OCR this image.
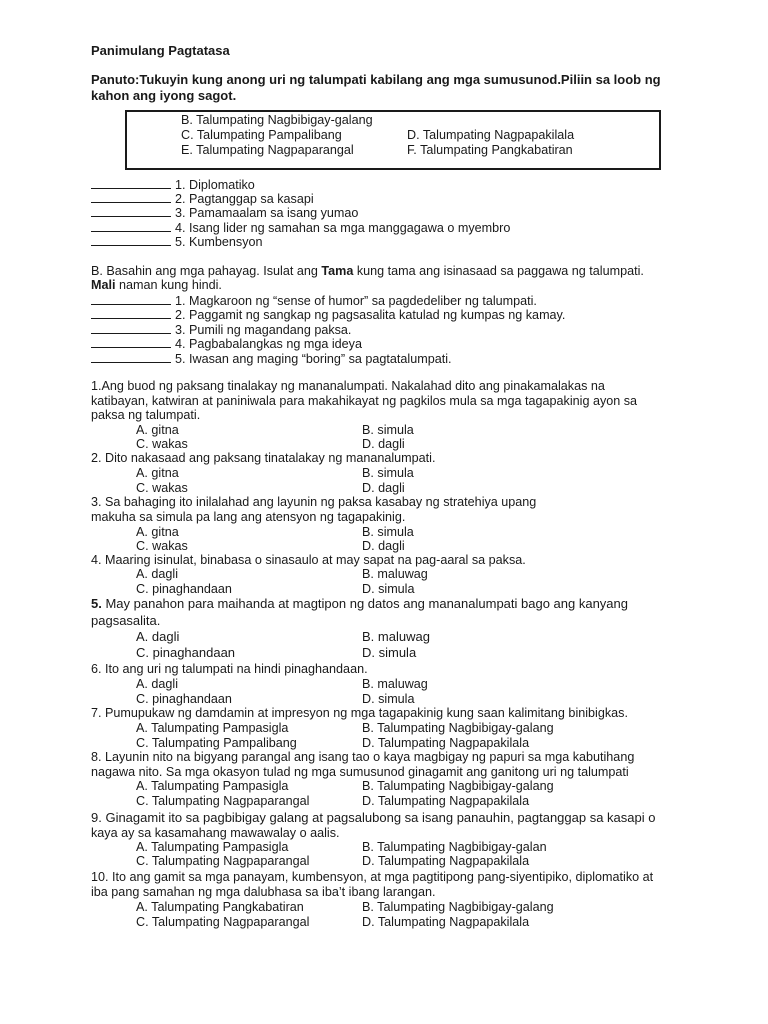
Panimulang Pagtatasa
Panuto:Tukuyin kung anong uri ng talumpati kabilang ang mga sumusunod.Piliin sa loob ng
kahon ang iyong sagot.
B. Talumpating Nagbibigay-galang
C. Talumpating Pampalibang	D. Talumpating Nagpapakilala
E. Talumpating Nagpaparangal	F. Talumpating Pangkabatiran
1. Diplomatiko
2. Pagtanggap sa kasapi
3. Pamamaalam sa isang yumao
4. Isang lider ng samahan sa mga manggagawa o myembro
5. Kumbensyon
B. Basahin ang mga pahayag. Isulat ang Tama kung tama ang isinasaad sa paggawa ng talumpati.
Mali naman kung hindi.
1. Magkaroon ng “sense of humor” sa pagdedeliber ng talumpati.
2. Paggamit ng sangkap ng pagsasalita katulad ng kumpas ng kamay.
3. Pumili ng magandang paksa.
4. Pagbabalangkas ng mga ideya
5. Iwasan ang maging “boring” sa pagtatalumpati.
1.Ang buod ng paksang tinalakay ng mananalumpati. Nakalahad dito ang pinakamalakas na
katibayan, katwiran at paniniwala para makahikayat ng pagkilos mula sa mga tagapakinig ayon sa
paksa ng talumpati.
A. gitna	B. simula
C. wakas	D. dagli
2. Dito nakasaad ang paksang tinatalakay ng mananalumpati.
A. gitna	B. simula
C. wakas	D. dagli
3. Sa bahaging ito inilalahad ang layunin ng paksa kasabay ng stratehiya upang
makuha sa simula pa lang ang atensyon ng tagapakinig.
A. gitna	B. simula
C. wakas	D. dagli
4. Maaring isinulat, binabasa o sinasaulo at may sapat na pag-aaral sa paksa.
A. dagli	B. maluwag
C. pinaghandaan	D. simula
5. May panahon para maihanda at magtipon ng datos ang mananalumpati bago ang kanyang
pagsasalita.
A. dagli	B. maluwag
C. pinaghandaan	D. simula
6. Ito ang uri ng talumpati na hindi pinaghandaan.
A. dagli	B. maluwag
C. pinaghandaan	D. simula
7. Pumupukaw ng damdamin at impresyon ng mga tagapakinig kung saan kalimitang binibigkas.
A. Talumpating Pampasigla	B. Talumpating Nagbibigay-galang
C. Talumpating Pampalibang	D. Talumpating Nagpapakilala
8. Layunin nito na bigyang parangal ang isang tao o kaya magbigay ng papuri sa mga kabutihang
nagawa nito. Sa mga okasyon tulad ng mga sumusunod ginagamit ang ganitong uri ng talumpati
A. Talumpating Pampasigla	B. Talumpating Nagbibigay-galang
C. Talumpating Nagpaparangal	D. Talumpating Nagpapakilala
9. Ginagamit ito sa pagbibigay galang at pagsalubong sa isang panauhin, pagtanggap sa kasapi o
kaya ay sa kasamahang mawawalay o aalis.
A. Talumpating Pampasigla	B. Talumpating Nagbibigay-galan
C. Talumpating Nagpaparangal	D. Talumpating Nagpapakilala
10. Ito ang gamit sa mga panayam, kumbensyon, at mga pagtitipong pang-siyentipiko, diplomatiko at
iba pang samahan ng mga dalubhasa sa iba’t ibang larangan.
A. Talumpating Pangkabatiran	B. Talumpating Nagbibigay-galang
C. Talumpating Nagpaparangal	D. Talumpating Nagpapakilala
